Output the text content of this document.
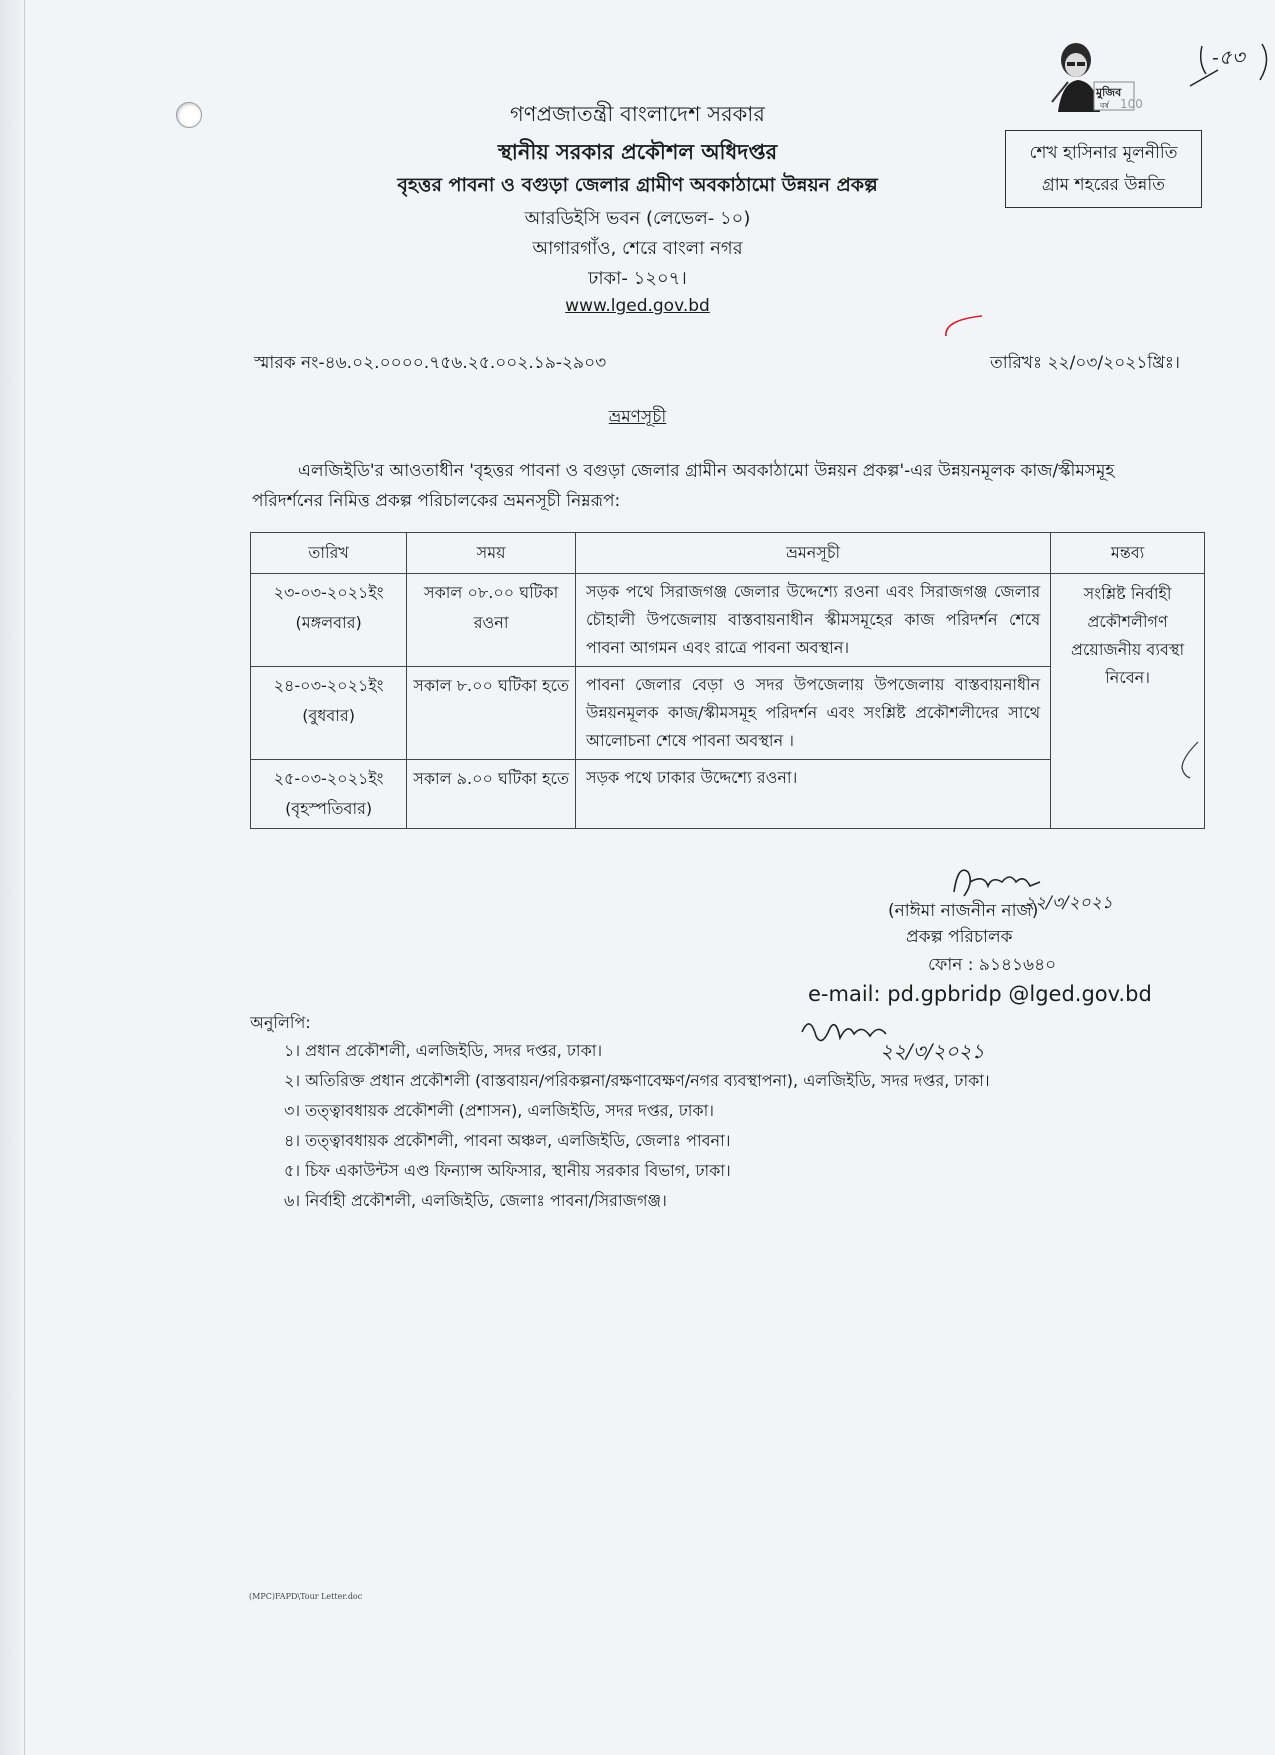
গণপ্রজাতন্ত্রী বাংলাদেশ সরকার
স্থানীয় সরকার প্রকৌশল অধিদপ্তর
বৃহত্তর পাবনা ও বগুড়া জেলার গ্রামীণ অবকাঠামো উন্নয়ন প্রকল্প
আরডিইসি ভবন (লেভেল- ১০)
আগারগাঁও, শেরে বাংলা নগর
ঢাকা- ১২০৭।
www.lged.gov.bd
মুজিব
বর্ষ 100
-৫৩
শেখ হাসিনার মূলনীতি
গ্রাম শহরের উন্নতি
স্মারক নং-৪৬.০২.০০০০.৭৫৬.২৫.০০২.১৯-২৯০৩	তারিখঃ ২২/০৩/২০২১খ্রিঃ।
ভ্রমণসূচী
এলজিইডি'র আওতাধীন 'বৃহত্তর পাবনা ও বগুড়া জেলার গ্রামীন অবকাঠামো উন্নয়ন প্রকল্প'-এর উন্নয়নমূলক কাজ/স্কীমসমূহ পরিদর্শনের নিমিত্ত প্রকল্প পরিচালকের ভ্রমনসূচী নিম্নরূপ:
তারিখ	সময়	ভ্রমনসূচী	মন্তব্য

২৩-০৩-২০২১ইং
(মঙ্গলবার)	সকাল ০৮.০০ ঘটিকা রওনা	সড়ক পথে সিরাজগঞ্জ জেলার উদ্দেশ্যে রওনা এবং সিরাজগঞ্জ জেলার চৌহালী উপজেলায় বাস্তবায়নাধীন স্কীমসমূহের কাজ পরিদর্শন শেষে পাবনা আগমন এবং রাত্রে পাবনা অবস্থান।	সংশ্লিষ্ট নির্বাহী প্রকৌশলীগণ প্রয়োজনীয় ব্যবস্থা নিবেন।

২৪-০৩-২০২১ইং
(বুধবার)	সকাল ৮.০০ ঘটিকা হতে	পাবনা জেলার বেড়া ও সদর উপজেলায় উপজেলায় বাস্তবায়নাধীন উন্নয়নমূলক কাজ/স্কীমসমূহ পরিদর্শন এবং সংশ্লিষ্ট প্রকৌশলীদের সাথে আলোচনা শেষে পাবনা অবস্থান ।	

২৫-০৩-২০২১ইং
(বৃহস্পতিবার)	সকাল ৯.০০ ঘটিকা হতে	সড়ক পথে ঢাকার উদ্দেশ্যে রওনা।	
২২/৩/২০২১
(নাঈমা নাজনীন নাজ)
প্রকল্প পরিচালক
ফোন : ৯১৪১৬৪০
e-mail: pd.gpbridp @lged.gov.bd
২২/৩/২০২১
অনুলিপি:
১। প্রধান প্রকৌশলী, এলজিইডি, সদর দপ্তর, ঢাকা।
২। অতিরিক্ত প্রধান প্রকৌশলী (বাস্তবায়ন/পরিকল্পনা/রক্ষণাবেক্ষণ/নগর ব্যবস্থাপনা), এলজিইডি, সদর দপ্তর, ঢাকা।
৩। তত্ত্বাবধায়ক প্রকৌশলী (প্রশাসন), এলজিইডি, সদর দপ্তর, ঢাকা।
৪। তত্ত্বাবধায়ক প্রকৌশলী, পাবনা অঞ্চল, এলজিইডি, জেলাঃ পাবনা।
৫। চিফ একাউন্টস এণ্ড ফিন্যান্স অফিসার, স্থানীয় সরকার বিভাগ, ঢাকা।
৬। নির্বাহী প্রকৌশলী, এলজিইডি, জেলাঃ পাবনা/সিরাজগঞ্জ।
(MPC)FAPD\Tour Letter.doc
